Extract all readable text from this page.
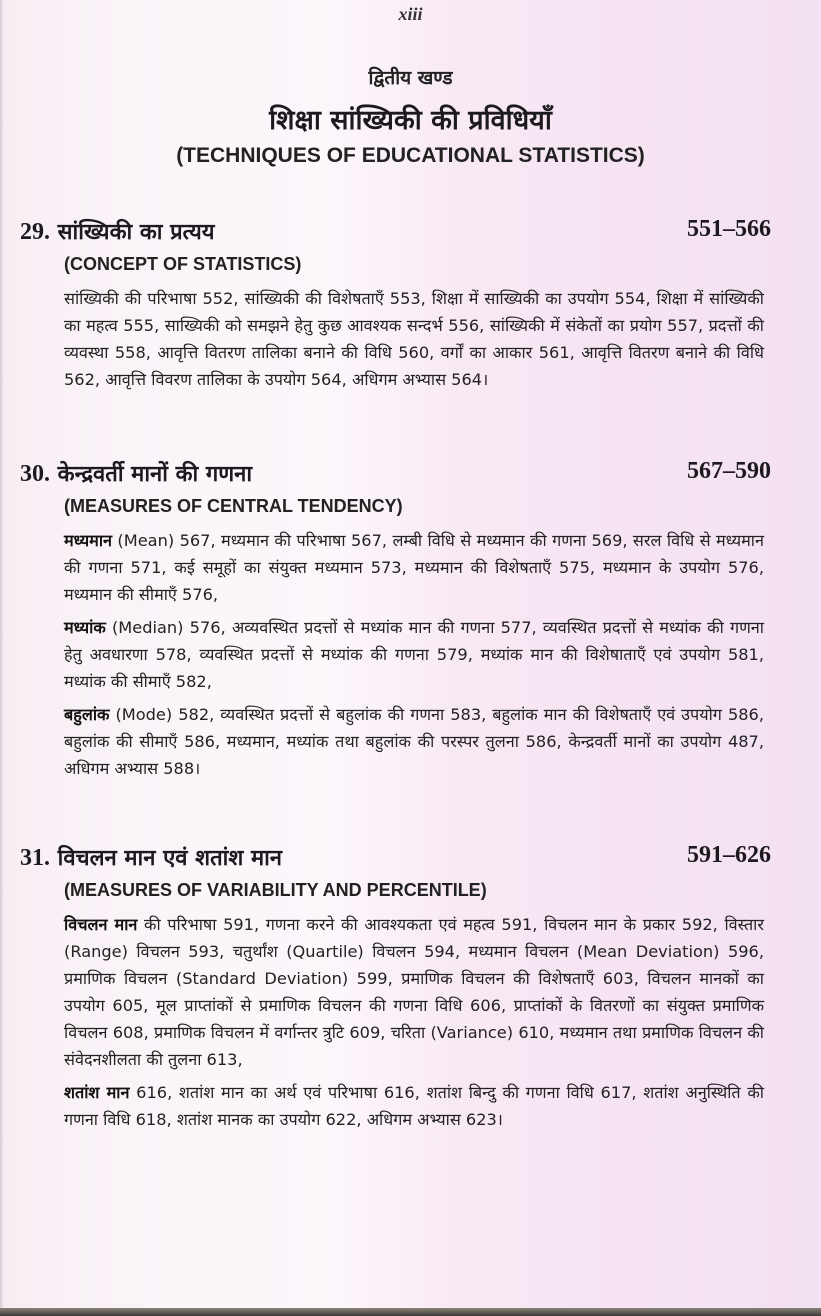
xiii
द्वितीय खण्ड
शिक्षा सांख्यिकी की प्रविधियाँ
(TECHNIQUES OF EDUCATIONAL STATISTICS)
29. सांख्यिकी का प्रत्यय	551–566
(CONCEPT OF STATISTICS)

सांख्यिकी की परिभाषा 552, सांख्यिकी की विशेषताएँ 553, शिक्षा में साख्यिकी का उपयोग 554, शिक्षा में सांख्यिकी का महत्व 555, साख्यिकी को समझने हेतु कुछ आवश्यक सन्दर्भ 556, सांख्यिकी में संकेतों का प्रयोग 557, प्रदत्तों की व्यवस्था 558, आवृत्ति वितरण तालिका बनाने की विधि 560, वर्गों का आकार 561, आवृत्ति वितरण बनाने की विधि 562, आवृत्ति विवरण तालिका के उपयोग 564, अधिगम अभ्यास 564।

30. केन्द्रवर्ती मानों की गणना	567–590
(MEASURES OF CENTRAL TENDENCY)

मध्यमान (Mean) 567, मध्यमान की परिभाषा 567, लम्बी विधि से मध्यमान की गणना 569, सरल विधि से मध्यमान की गणना 571, कई समूहों का संयुक्त मध्यमान 573, मध्यमान की विशेषताएँ 575, मध्यमान के उपयोग 576, मध्यमान की सीमाएँ 576,

मध्यांक (Median) 576, अव्यवस्थित प्रदत्तों से मध्यांक मान की गणना 577, व्यवस्थित प्रदत्तों से मध्यांक की गणना हेतु अवधारणा 578, व्यवस्थित प्रदत्तों से मध्यांक की गणना 579, मध्यांक मान की विशेषाताएँ एवं उपयोग 581, मध्यांक की सीमाएँ 582,

बहुलांक (Mode) 582, व्यवस्थित प्रदत्तों से बहुलांक की गणना 583, बहुलांक मान की विशेषताएँ एवं उपयोग 586, बहुलांक की सीमाएँ 586, मध्यमान, मध्यांक तथा बहुलांक की परस्पर तुलना 586, केन्द्रवर्ती मानों का उपयोग 487, अधिगम अभ्यास 588।

31. विचलन मान एवं शतांश मान	591–626
(MEASURES OF VARIABILITY AND PERCENTILE)

विचलन मान की परिभाषा 591, गणना करने की आवश्यकता एवं महत्व 591, विचलन मान के प्रकार 592, विस्तार (Range) विचलन 593, चतुर्थांश (Quartile) विचलन 594, मध्यमान विचलन (Mean Deviation) 596, प्रमाणिक विचलन (Standard Deviation) 599, प्रमाणिक विचलन की विशेषताएँ 603, विचलन मानकों का उपयोग 605, मूल प्राप्तांकों से प्रमाणिक विचलन की गणना विधि 606, प्राप्तांकों के वितरणों का संयुक्त प्रमाणिक विचलन 608, प्रमाणिक विचलन में वर्गान्तर त्रुटि 609, चरिता (Variance) 610, मध्यमान तथा प्रमाणिक विचलन की संवेदनशीलता की तुलना 613,

शतांश मान 616, शतांश मान का अर्थ एवं परिभाषा 616, शतांश बिन्दु की गणना विधि 617, शतांश अनुस्थिति की गणना विधि 618, शतांश मानक का उपयोग 622, अधिगम अभ्यास 623।
